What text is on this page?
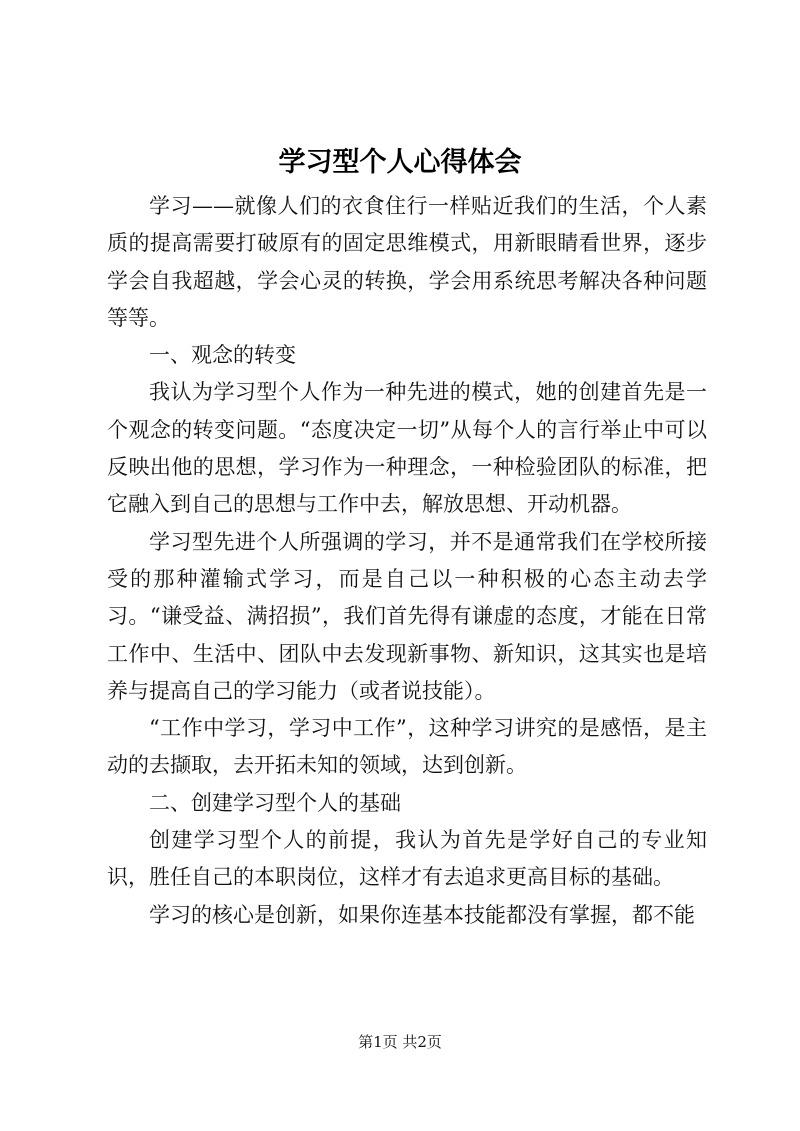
学习型个人心得体会

学习——就像人们的衣食住行一样贴近我们的生活，个人素质的提高需要打破原有的固定思维模式，用新眼睛看世界，逐步学会自我超越，学会心灵的转换，学会用系统思考解决各种问题等等。

一、观念的转变

我认为学习型个人作为一种先进的模式，她的创建首先是一个观念的转变问题。“态度决定一切”从每个人的言行举止中可以反映出他的思想，学习作为一种理念，一种检验团队的标准，把它融入到自己的思想与工作中去，解放思想、开动机器。

学习型先进个人所强调的学习，并不是通常我们在学校所接受的那种灌输式学习，而是自己以一种积极的心态主动去学习。“谦受益、满招损”，我们首先得有谦虚的态度，才能在日常工作中、生活中、团队中去发现新事物、新知识，这其实也是培养与提高自己的学习能力（或者说技能）。

“工作中学习，学习中工作”，这种学习讲究的是感悟，是主动的去撷取，去开拓未知的领域，达到创新。

二、创建学习型个人的基础

创建学习型个人的前提，我认为首先是学好自己的专业知识，胜任自己的本职岗位，这样才有去追求更高目标的基础。

学习的核心是创新，如果你连基本技能都没有掌握，都不能

第1页 共2页
